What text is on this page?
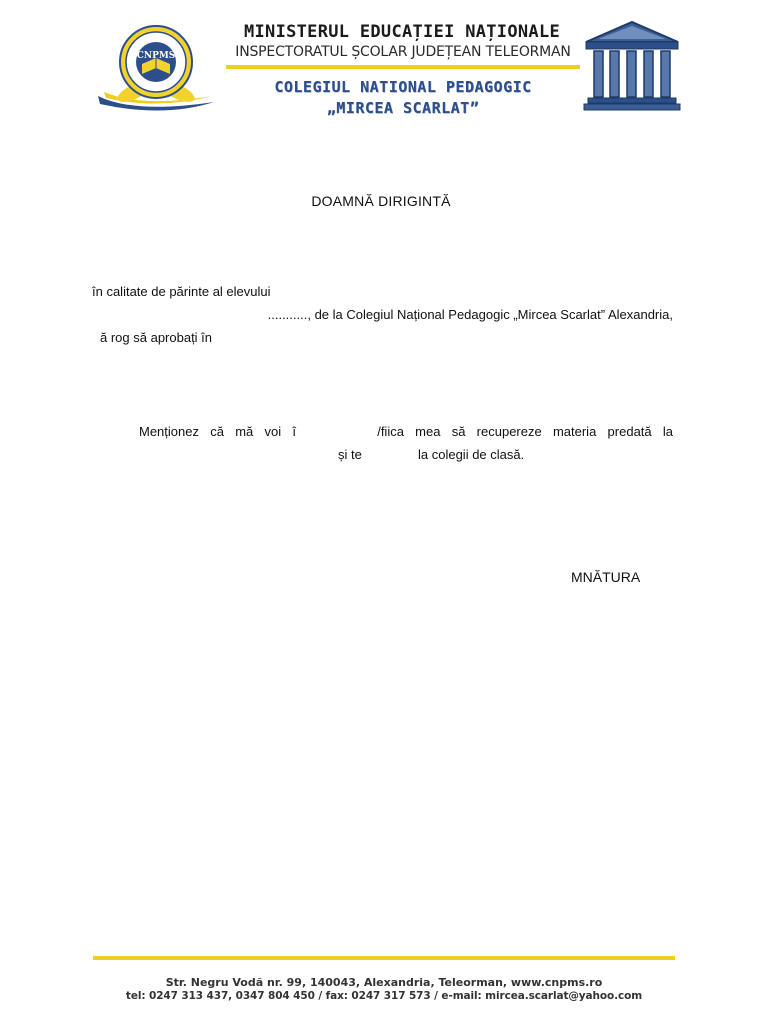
CNPMS
MINISTERUL EDUCAȚIEI NAȚIONALE
INSPECTORATUL ȘCOLAR JUDEȚEAN TELEORMAN
COLEGIUL NATIONAL PEDAGOGIC
„MIRCEA SCARLAT”
DOAMNĂ DIRIGINTĂ
în calitate de părinte al elevului
..........., de la Colegiul Național Pedagogic „Mircea Scarlat” Alexandria,
ă rog să aprobați în
Menționez că mă voi î	/fiica mea să recupereze materia predată la
și te	la colegii de clasă.
MNĂTURA
Str. Negru Vodă nr. 99, 140043, Alexandria, Teleorman, www.cnpms.ro
tel: 0247 313 437, 0347 804 450 / fax: 0247 317 573 / e-mail: mircea.scarlat@yahoo.com
